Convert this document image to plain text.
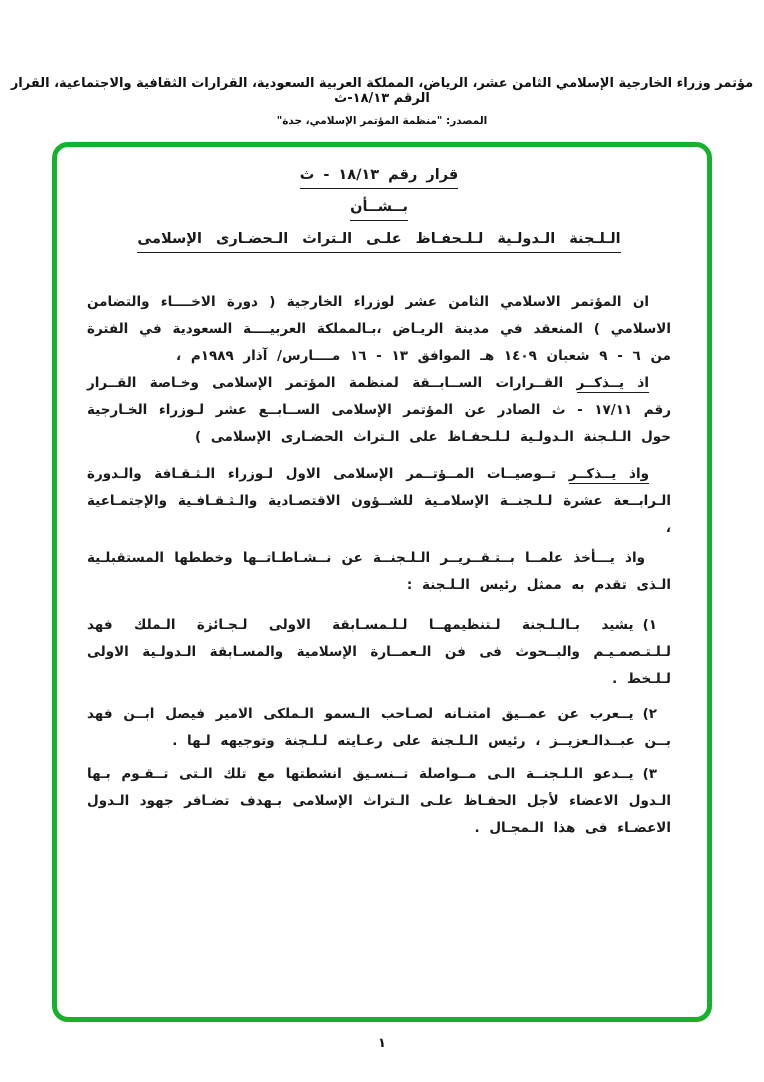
مؤتمر وزراء الخارجية الإسلامي الثامن عشر، الرياض، المملكة العربية السعودية، القرارات الثقافية والاجتماعية، القرار الرقم ١٨/١٣-ث
المصدر: "منظمة المؤتمر الإسلامي، جدة"
قرار رقم ١٨/١٣ - ث
بــشــأن
الـلـجنة الـدولـية لـلـحفـاظ علـى الـتراث الـحضـارى الإسلامى

ان المؤتمر الاسلامي الثامن عشر لوزراء الخارجية ( دورة الاخــــاء والتضامن الاسلامي ) المنعقد في مدينة الريـاض ،بـالمملكة العربيــــة السعودية في الفترة من ٦ - ٩ شعبان ١٤٠٩ هـ الموافق ١٣ - ١٦ مــــارس/ آذار ١٩٨٩م ،

اذ يــذكــر القــرارات الســابــقة لمنظمة المؤتمر الإسلامى وخـاصة القــرار رقم ١٧/١١ - ث الصادر عن المؤتمر الإسلامى الســابــع عشر لـوزراء الخـارجية حول الـلـجنة الـدولـية لـلـحفـاظ على الـتراث الحضـارى الإسلامى )

واذ يــذكــر تــوصيــات المــؤتــمر الإسلامى الاول لـوزراء الـثـقـافة والـدورة الـرابــعة عشرة لـلـجنــة الإسلامـية للشــؤون الاقتصـادية والـثـقـافـية والإجتمـاعية ،

واذ يـــأخذ علمــا بــتـقــريــر الـلـجنــة عن نــشـاطـاتــها وخططها المستقبلـية الـذى تقدم به ممثل رئيس الـلـجنة :

١)يشيد بـالـلـجنة لـتنظيمهــا لـلـمسـابقة الاولى لـجـائزة الـملك فهد لـلـتـصمـيـم والبــحوث فى فن الـعمــارة الإسلامية والمسـابقة الـدولـية الاولى لـلـخط .

٢)يــعرب عن عمــيق امتنـانه لصـاحب الـسمو الـملكى الامير فيصل ابــن فهد بــن عبــدالـعزيــز ، رئيس الـلـجنة على رعـايته لـلـجنة وتوجيهه لـها .

٣)يــدعو الـلـجنــة الـى مــواصلة تــنسـيق انشطتها مع تلك الـتى تــقـوم بـها الـدول الاعضاء لأجل الحفـاظ علـى الـتراث الإسلامى بـهدف تضـافر جهود الـدول الاعضـاء فى هذا الـمجـال .

١
